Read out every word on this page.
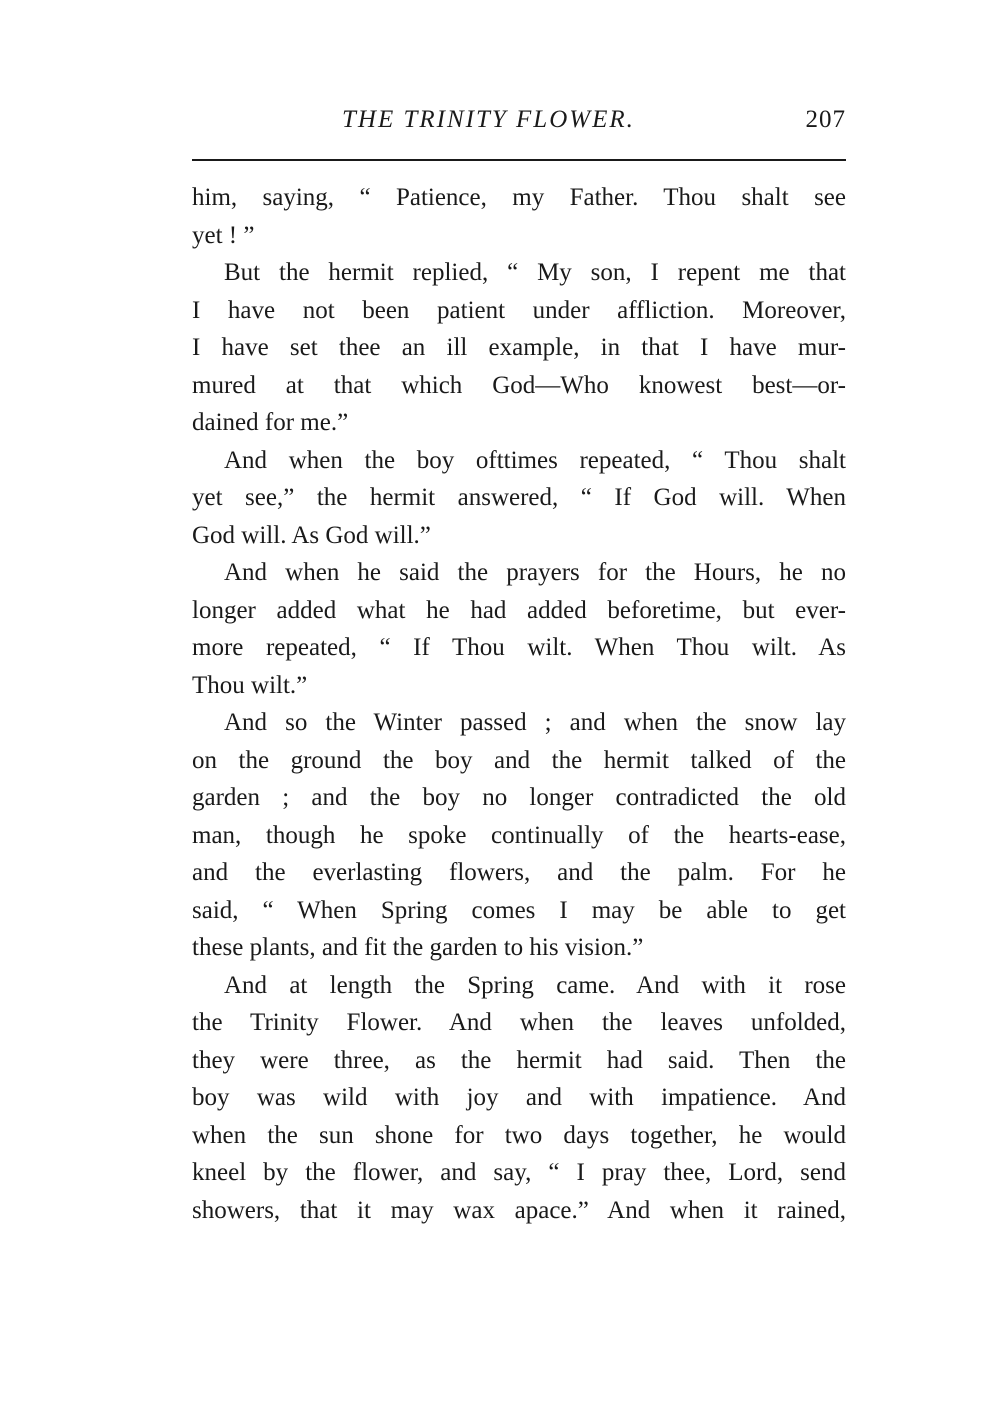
THE TRINITY FLOWER.	207
him, saying, “ Patience, my Father. Thou shalt see
yet ! ”
But the hermit replied, “ My son, I repent me that
I have not been patient under affliction. Moreover,
I have set thee an ill example, in that I have mur-
mured at that which God—Who knowest best—or-
dained for me.”
And when the boy ofttimes repeated, “ Thou shalt
yet see,” the hermit answered, “ If God will. When
God will. As God will.”
And when he said the prayers for the Hours, he no
longer added what he had added beforetime, but ever-
more repeated, “ If Thou wilt. When Thou wilt. As
Thou wilt.”
And so the Winter passed ; and when the snow lay
on the ground the boy and the hermit talked of the
garden ; and the boy no longer contradicted the old
man, though he spoke continually of the hearts-ease,
and the everlasting flowers, and the palm. For he
said, “ When Spring comes I may be able to get
these plants, and fit the garden to his vision.”
And at length the Spring came. And with it rose
the Trinity Flower. And when the leaves unfolded,
they were three, as the hermit had said. Then the
boy was wild with joy and with impatience. And
when the sun shone for two days together, he would
kneel by the flower, and say, “ I pray thee, Lord, send
showers, that it may wax apace.” And when it rained,
